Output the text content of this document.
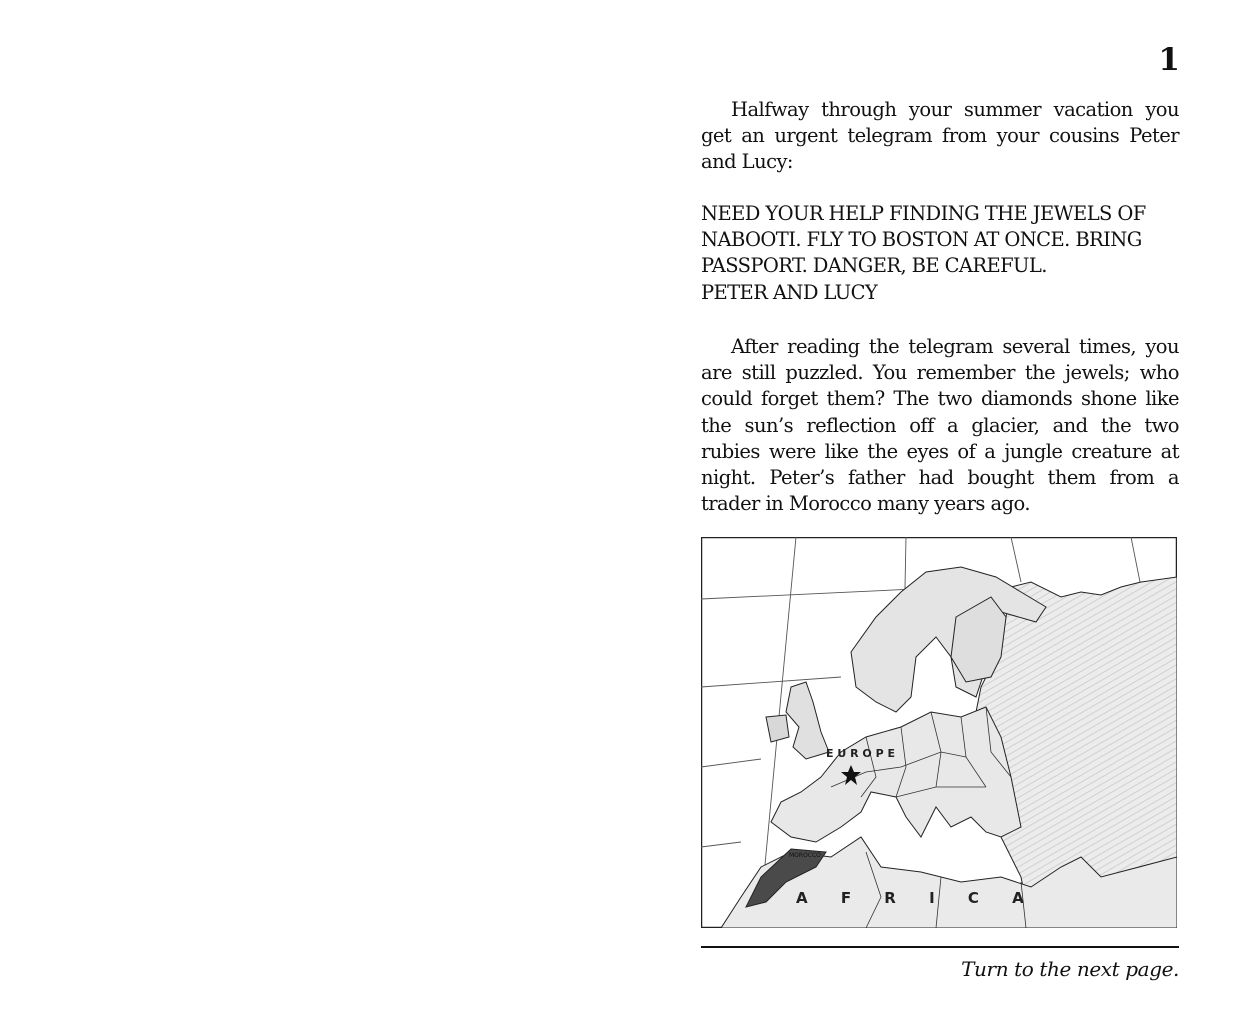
1

Halfway through your summer vacation you get an urgent telegram from your cousins Peter and Lucy:

NEED YOUR HELP FINDING THE JEWELS OF
NABOOTI. FLY TO BOSTON AT ONCE. BRING
PASSPORT. DANGER, BE CAREFUL.
PETER AND LUCY

After reading the telegram several times, you are still puzzled. You remember the jewels; who could forget them? The two diamonds shone like the sun’s reflection off a glacier, and the two rubies were like the eyes of a jungle creature at night. Peter’s father had bought them from a trader in Morocco many years ago.

E U R O P E
MOROCCO
A F R I C A
Turn to the next page.
